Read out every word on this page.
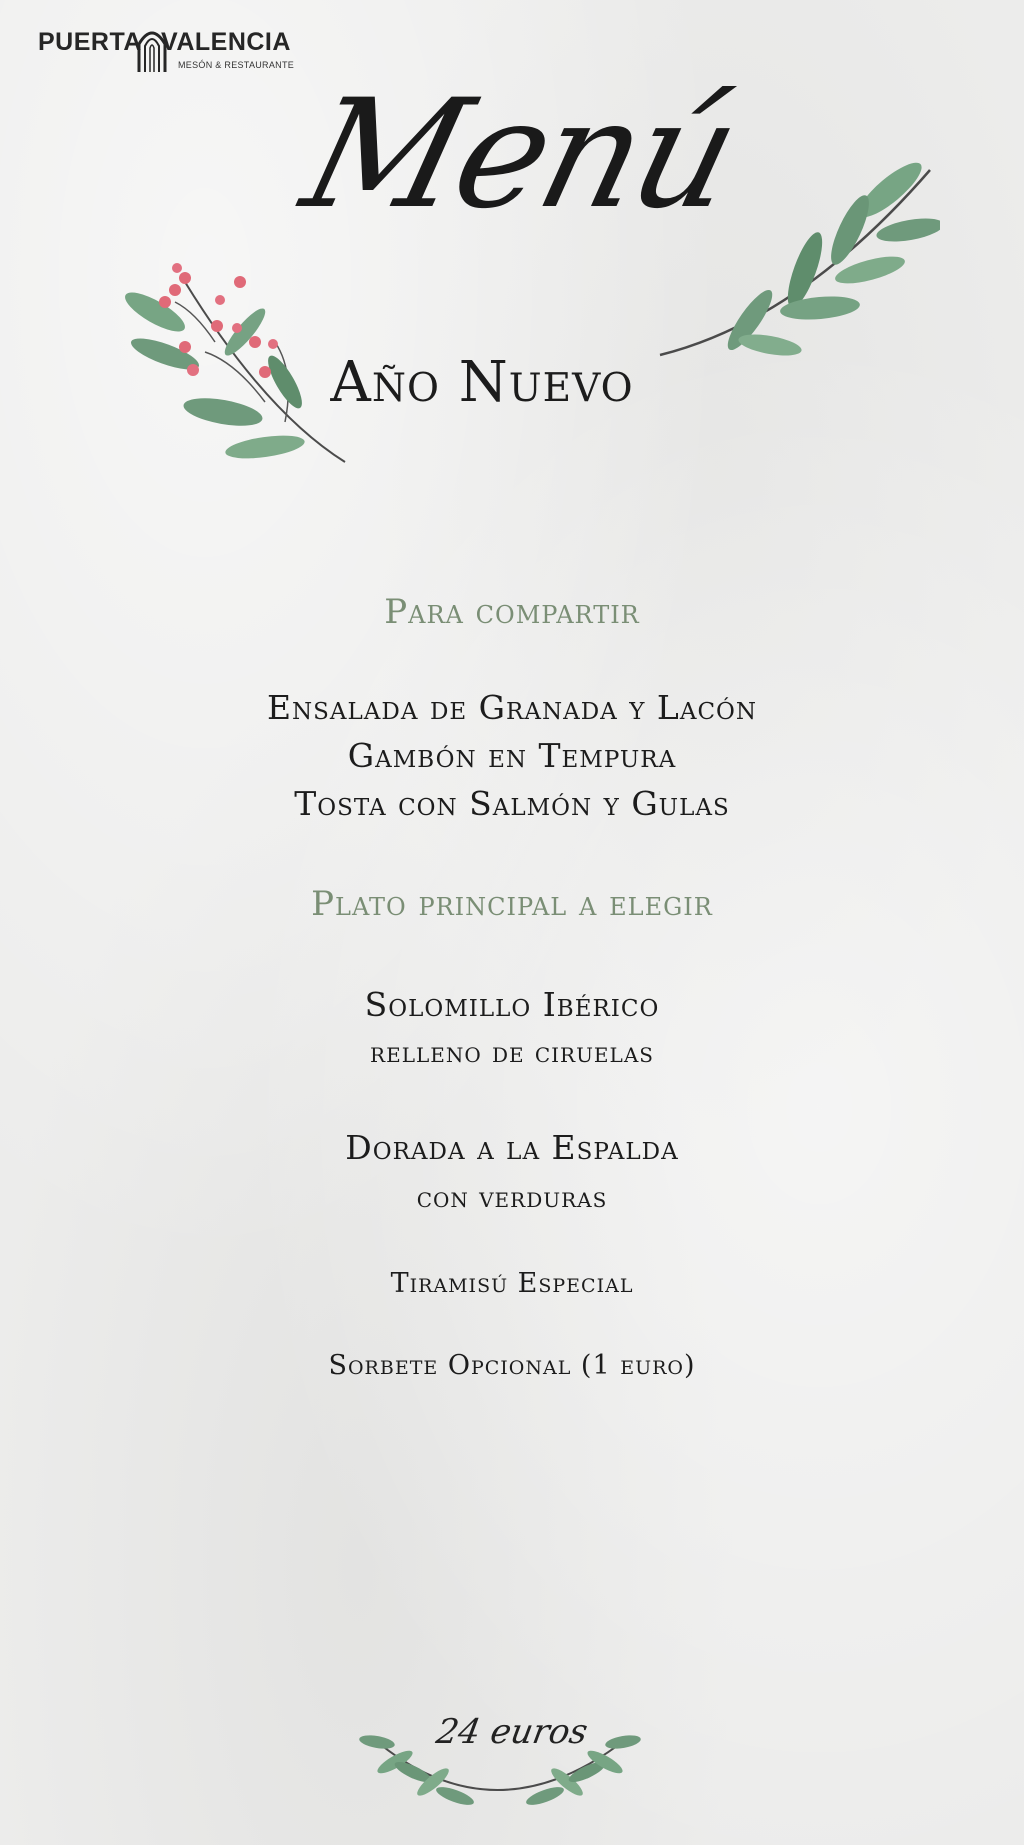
PUERTA VALENCIA
MESÓN & RESTAURANTE
Menú
Año Nuevo
Para compartir
Ensalada de Granada y Lacón
Gambón en Tempura
Tosta con Salmón y Gulas
Plato principal a elegir
Solomillo Ibérico
relleno de ciruelas
Dorada a la Espalda
con verduras
Tiramisú Especial
Sorbete Opcional (1 euro)
24 euros
